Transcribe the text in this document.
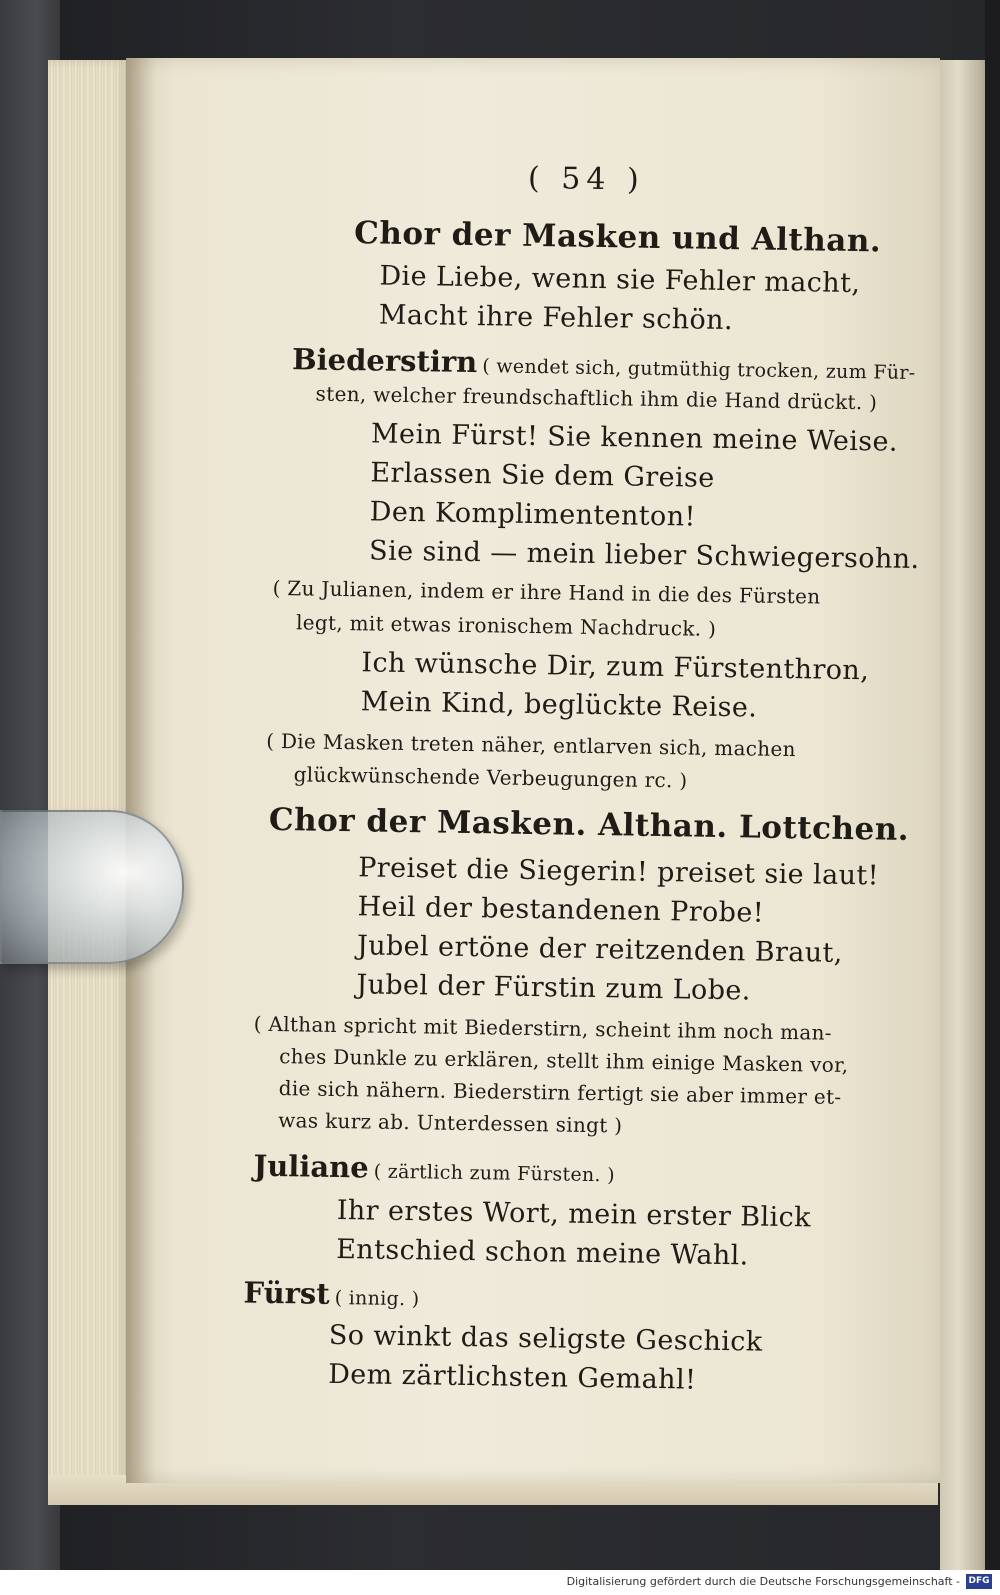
( 54 )
Chor der Masken und Althan.
Die Liebe, wenn sie Fehler macht,
Macht ihre Fehler schön.
Biederstirn ( wendet sich, gutmüthig trocken, zum Für-
sten, welcher freundschaftlich ihm die Hand drückt. )
Mein Fürst! Sie kennen meine Weise.
Erlassen Sie dem Greise
Den Komplimententon!
Sie sind — mein lieber Schwiegersohn.
( Zu Julianen, indem er ihre Hand in die des Fürsten
legt, mit etwas ironischem Nachdruck. )
Ich wünsche Dir, zum Fürstenthron,
Mein Kind, beglückte Reise.
( Die Masken treten näher, entlarven sich, machen
glückwünschende Verbeugungen rc. )
Chor der Masken. Althan. Lottchen.
Preiset die Siegerin! preiset sie laut!
Heil der bestandenen Probe!
Jubel ertöne der reitzenden Braut,
Jubel der Fürstin zum Lobe.
( Althan spricht mit Biederstirn, scheint ihm noch man-
ches Dunkle zu erklären, stellt ihm einige Masken vor,
die sich nähern. Biederstirn fertigt sie aber immer et-
was kurz ab. Unterdessen singt )
Juliane ( zärtlich zum Fürsten. )
Ihr erstes Wort, mein erster Blick
Entschied schon meine Wahl.
Fürst ( innig. )
So winkt das seligste Geschick
Dem zärtlichsten Gemahl!
Digitalisierung gefördert durch die Deutsche Forschungsgemeinschaft - DFG
